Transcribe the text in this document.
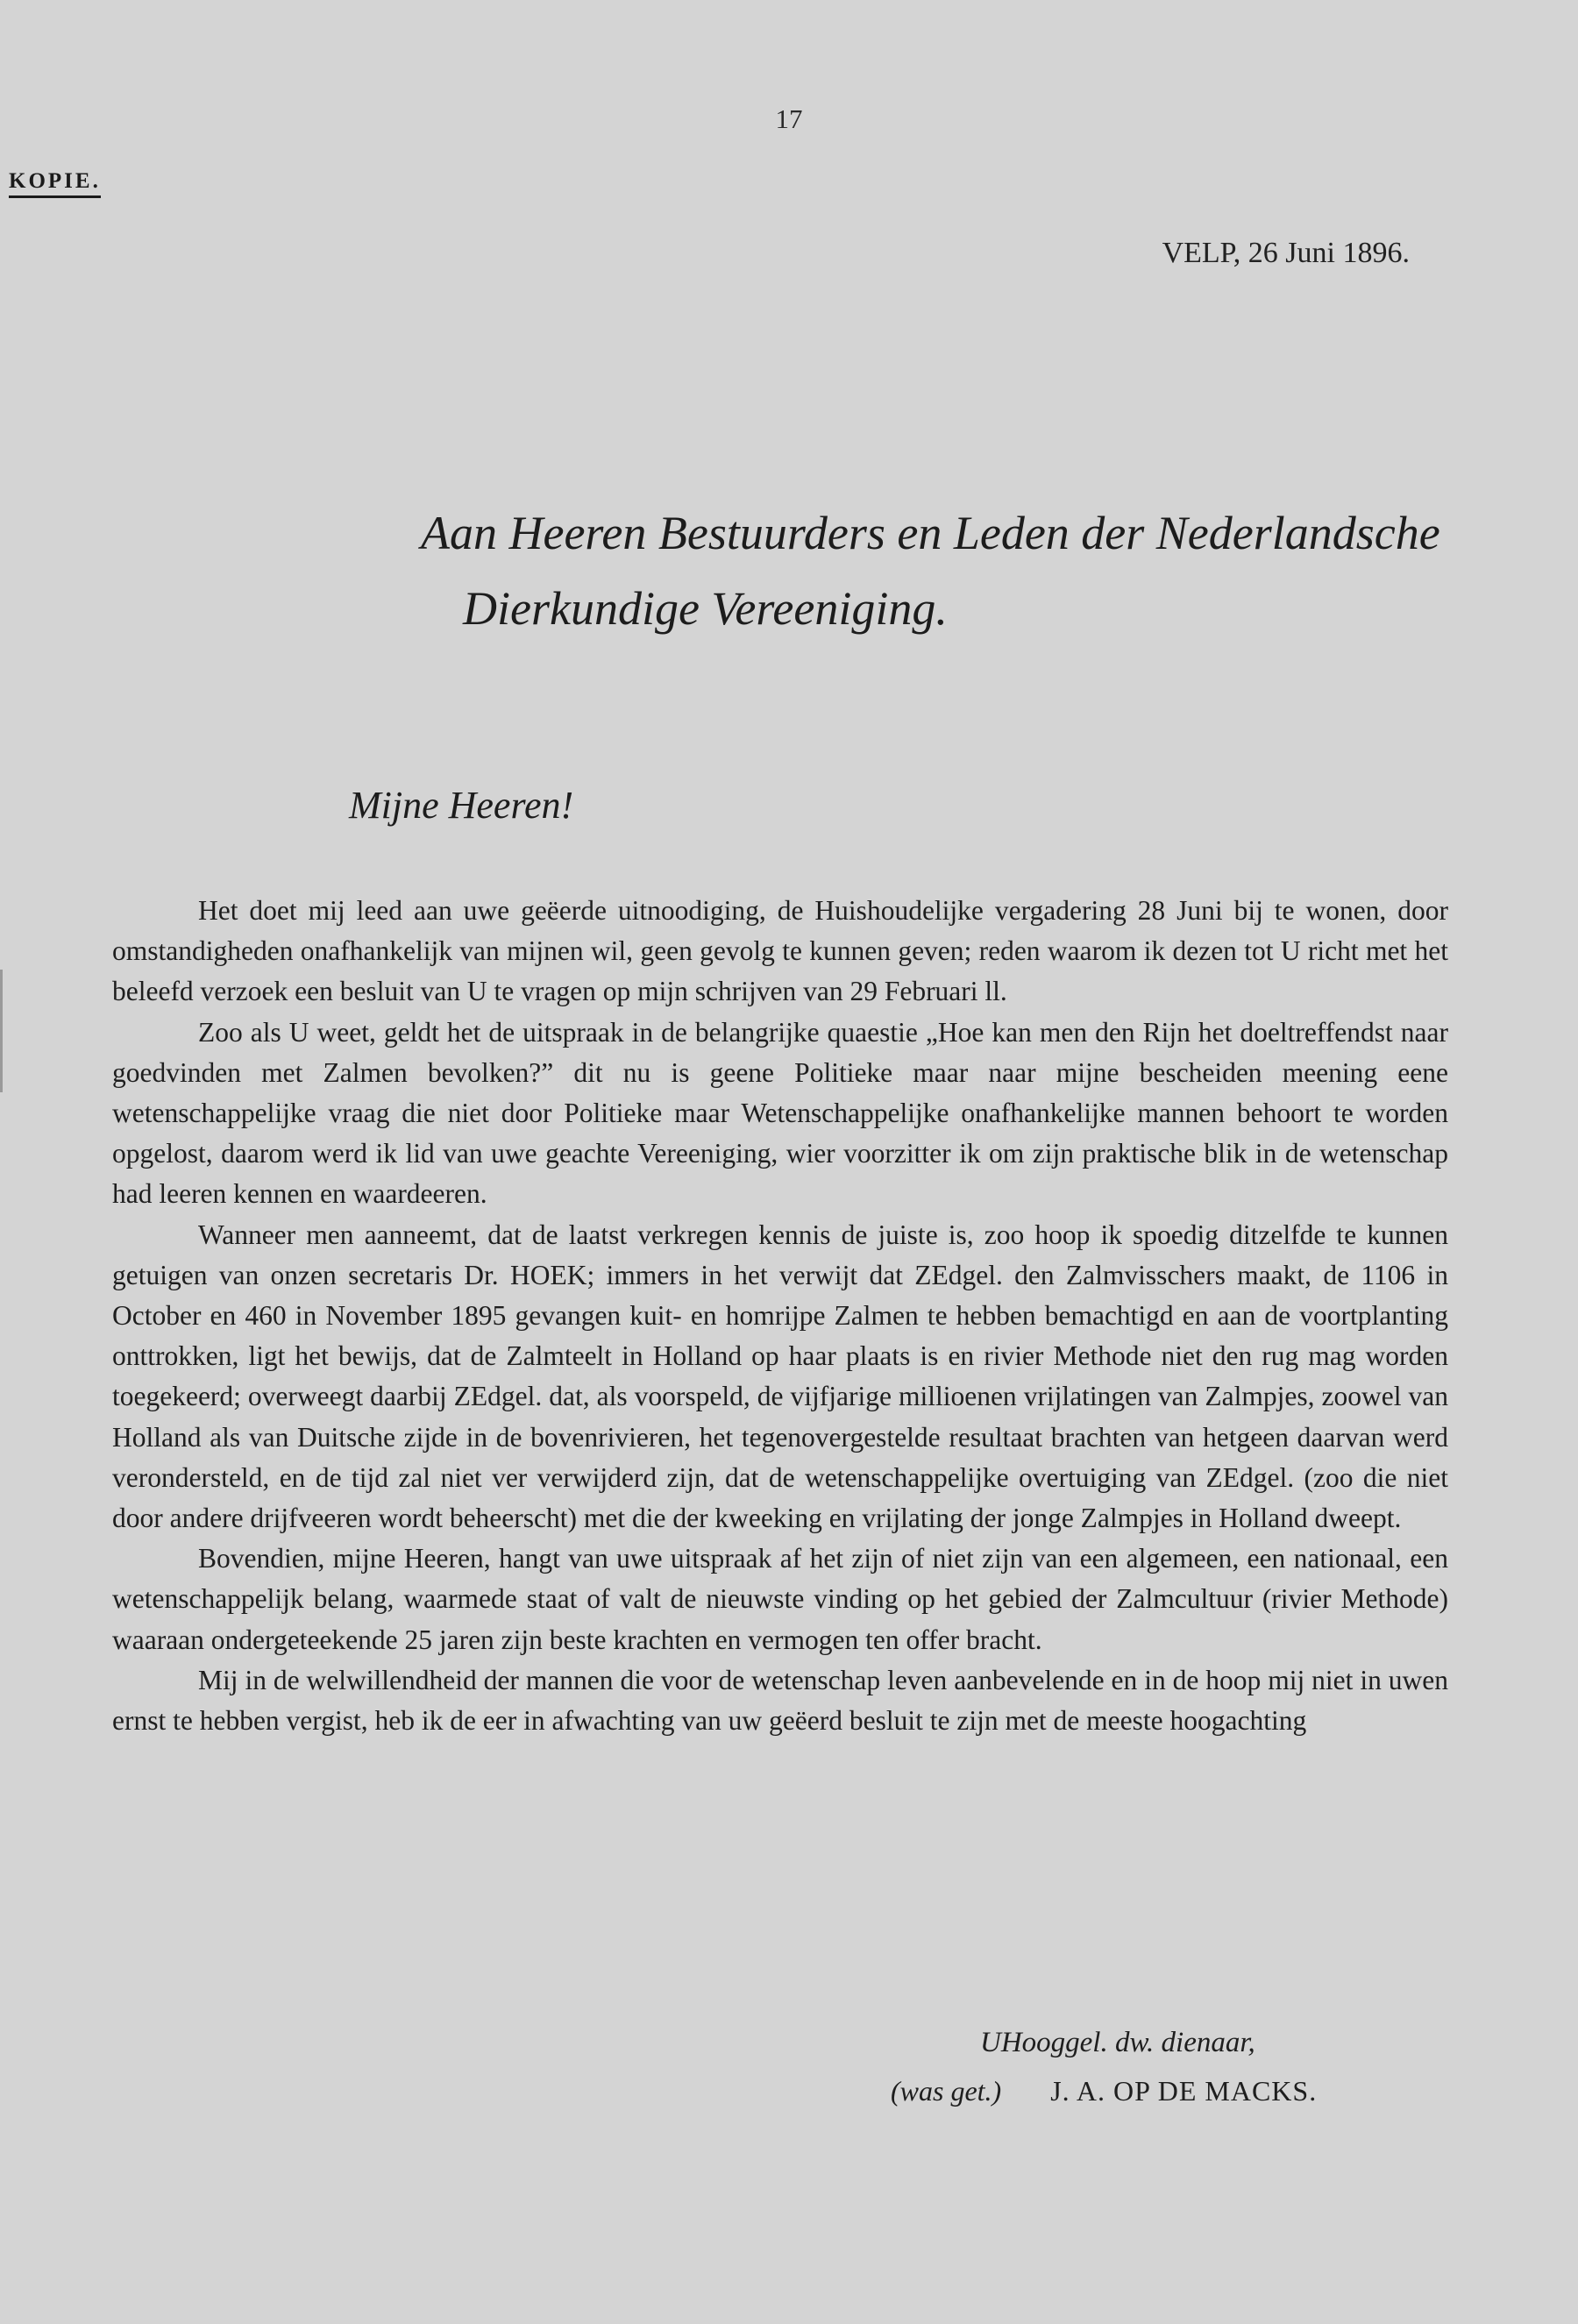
17
KOPIE.
VELP, 26 Juni 1896.
Aan Heeren Bestuurders en Leden der Nederlandsche
Dierkundige Vereeniging.
Mijne Heeren!

Het doet mij leed aan uwe geëerde uitnoodiging, de Huishoudelijke vergadering 28 Juni bij te wonen, door omstandigheden onafhankelijk van mijnen wil, geen gevolg te kunnen geven; reden waarom ik dezen tot U richt met het beleefd verzoek een besluit van U te vragen op mijn schrijven van 29 Februari ll.

Zoo als U weet, geldt het de uitspraak in de belangrijke quaestie „Hoe kan men den Rijn het doeltreffendst naar goedvinden met Zalmen bevolken?” dit nu is geene Politieke maar naar mijne bescheiden meening eene wetenschappelijke vraag die niet door Politieke maar Wetenschappelijke onafhankelijke mannen behoort te worden opgelost, daarom werd ik lid van uwe geachte Vereeniging, wier voorzitter ik om zijn praktische blik in de wetenschap had leeren kennen en waardeeren.

Wanneer men aanneemt, dat de laatst verkregen kennis de juiste is, zoo hoop ik spoedig ditzelfde te kunnen getuigen van onzen secretaris Dr. HOEK; immers in het verwijt dat ZEdgel. den Zalmvisschers maakt, de 1106 in October en 460 in November 1895 gevangen kuit- en homrijpe Zalmen te hebben bemachtigd en aan de voortplanting onttrokken, ligt het bewijs, dat de Zalmteelt in Holland op haar plaats is en rivier Methode niet den rug mag worden toegekeerd; overweegt daarbij ZEdgel. dat, als voorspeld, de vijfjarige millioenen vrijlatingen van Zalmpjes, zoowel van Holland als van Duitsche zijde in de bovenrivieren, het tegenovergestelde resultaat brachten van hetgeen daarvan werd verondersteld, en de tijd zal niet ver verwijderd zijn, dat de wetenschappelijke overtuiging van ZEdgel. (zoo die niet door andere drijfveeren wordt beheerscht) met die der kweeking en vrijlating der jonge Zalmpjes in Holland dweept.

Bovendien, mijne Heeren, hangt van uwe uitspraak af het zijn of niet zijn van een algemeen, een nationaal, een wetenschappelijk belang, waarmede staat of valt de nieuwste vinding op het gebied der Zalmcultuur (rivier Methode) waaraan ondergeteekende 25 jaren zijn beste krachten en vermogen ten offer bracht.

Mij in de welwillendheid der mannen die voor de wetenschap leven aanbevelende en in de hoop mij niet in uwen ernst te hebben vergist, heb ik de eer in afwachting van uw geëerd besluit te zijn met de meeste hoogachting

UHooggel. dw. dienaar,
(was get.) J. A. OP DE MACKS.
